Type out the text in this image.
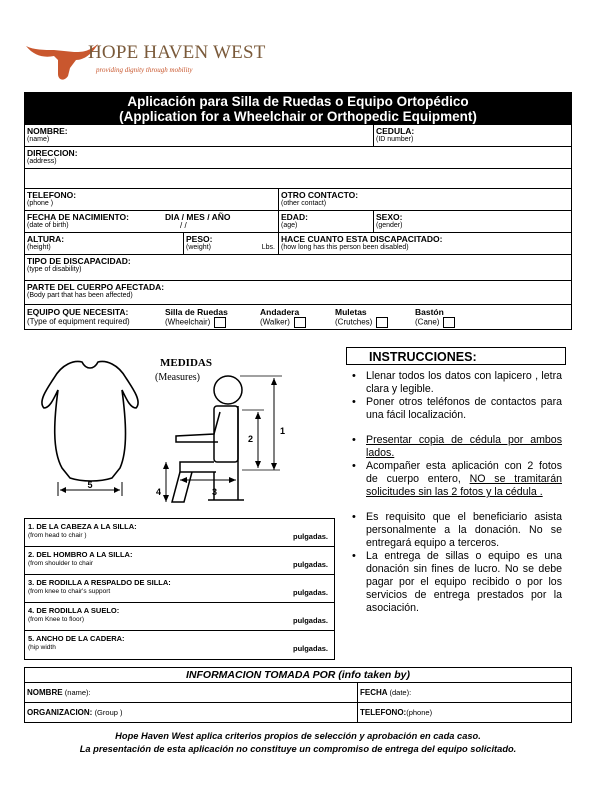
HOPE HAVEN WEST
providing dignity through mobility
Aplicación para Silla de Ruedas o Equipo Ortopédico
(Application for a Wheelchair or Orthopedic Equipment)
NOMBRE:
(name)
CEDULA:
(ID number)
DIRECCION:
(address)
TELEFONO:
(phone )
OTRO CONTACTO:
(other contact)
FECHA DE NACIMIENTO:	DIA / MES / AÑO
(date of birth)	/ /
EDAD:
(age)
SEXO:
(gender)
ALTURA:
(height)
PESO:
(weight)	Lbs.
HACE CUANTO ESTA DISCAPACITADO:
(how long has this person been disabled)
TIPO DE DISCAPACIDAD:
(type of disability)
PARTE DEL CUERPO AFECTADA:
(Body part that has been affected)
EQUIPO QUE NECESITA:
(Type of equipment required)
Silla de Ruedas
(Wheelchair)
Andadera
(Walker)
Muletas
(Crutches)
Bastón
(Cane)
5
MEDIDAS
(Measures)
1
2
3
4
1. DE LA CABEZA A LA SILLA:
(from head to chair )	pulgadas.
2. DEL HOMBRO A LA SILLA:
(from shoulder to chair	pulgadas.
3. DE RODILLA A RESPALDO DE SILLA:
(from knee to chair's support	pulgadas.
4. DE RODILLA A SUELO:
(from Knee to floor)	pulgadas.
5. ANCHO DE LA CADERA:
(hip width	pulgadas.
INSTRUCCIONES:
• Llenar todos los datos con lapicero , letra clara y legible.
• Poner otros teléfonos de contactos para una fácil localización.
• Presentar copia de cédula por ambos lados.
• Acompañer esta aplicación con 2 fotos de cuerpo entero, NO se tramitarán solicitudes sin las 2 fotos y la cédula .
• Es requisito que el beneficiario asista personalmente a la donación. No se entregará equipo a terceros.
• La entrega de sillas o equipo es una donación sin fines de lucro. No se debe pagar por el equipo recibido o por los servicios de entrega prestados por la asociación.
INFORMACION TOMADA POR (info taken by)
NOMBRE (name):	FECHA (date):
ORGANIZACION: (Group )	TELEFONO:(phone)
Hope Haven West aplica criterios propios de selección y aprobación en cada caso.
La presentación de esta aplicación no constituye un compromiso de entrega del equipo solicitado.
